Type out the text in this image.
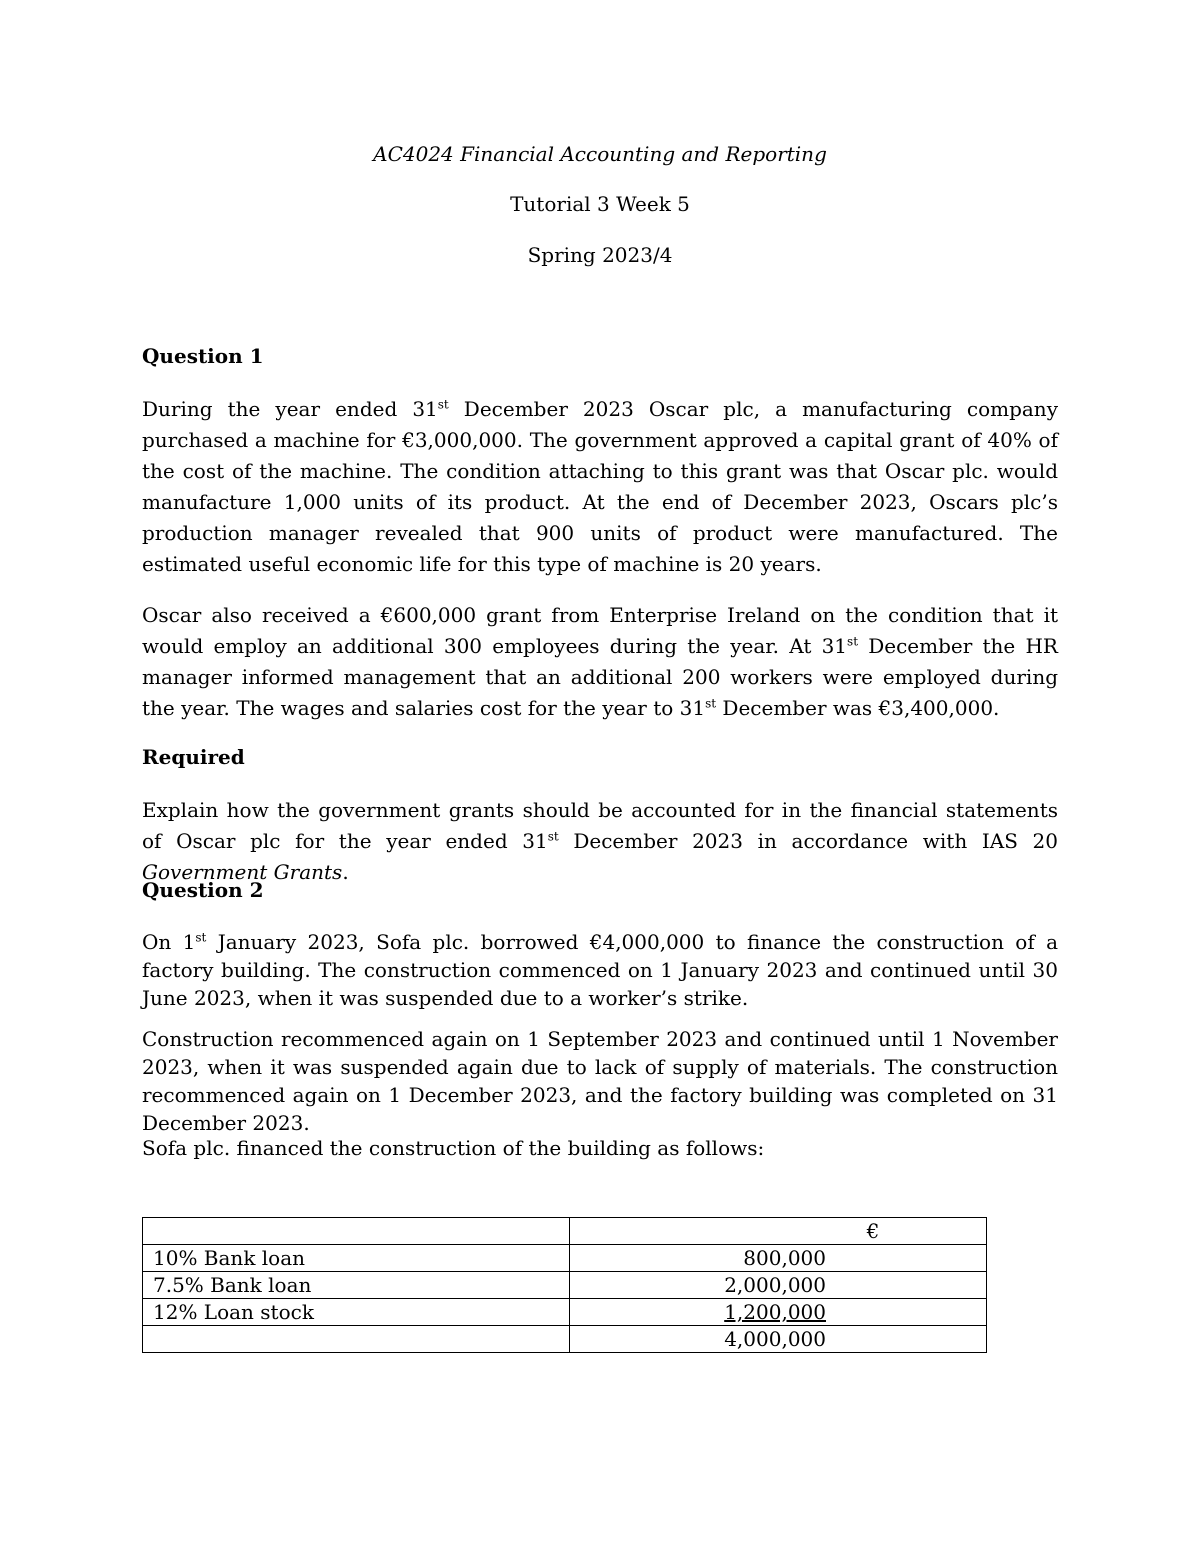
AC4024 Financial Accounting and Reporting
Tutorial 3 Week 5
Spring 2023/4
Question 1
During the year ended 31st December 2023 Oscar plc, a manufacturing company purchased a machine for €3,000,000. The government approved a capital grant of 40% of the cost of the machine. The condition attaching to this grant was that Oscar plc. would manufacture 1,000 units of its product. At the end of December 2023, Oscars plc’s production manager revealed that 900 units of product were manufactured. The estimated useful economic life for this type of machine is 20 years.
Oscar also received a €600,000 grant from Enterprise Ireland on the condition that it would employ an additional 300 employees during the year. At 31st December the HR manager informed management that an additional 200 workers were employed during the year. The wages and salaries cost for the year to 31st December was €3,400,000.
Required
Explain how the government grants should be accounted for in the financial statements of Oscar plc for the year ended 31st December 2023 in accordance with IAS 20 Government Grants.
Question 2
On 1st January 2023, Sofa plc. borrowed €4,000,000 to finance the construction of a factory building. The construction commenced on 1 January 2023 and continued until 30 June 2023, when it was suspended due to a worker’s strike.
Construction recommenced again on 1 September 2023 and continued until 1 November 2023, when it was suspended again due to lack of supply of materials. The construction recommenced again on 1 December 2023, and the factory building was completed on 31 December 2023.
Sofa plc. financed the construction of the building as follows:
	€
10% Bank loan	800,000
7.5% Bank loan	2,000,000
12% Loan stock	1,200,000
	4,000,000
